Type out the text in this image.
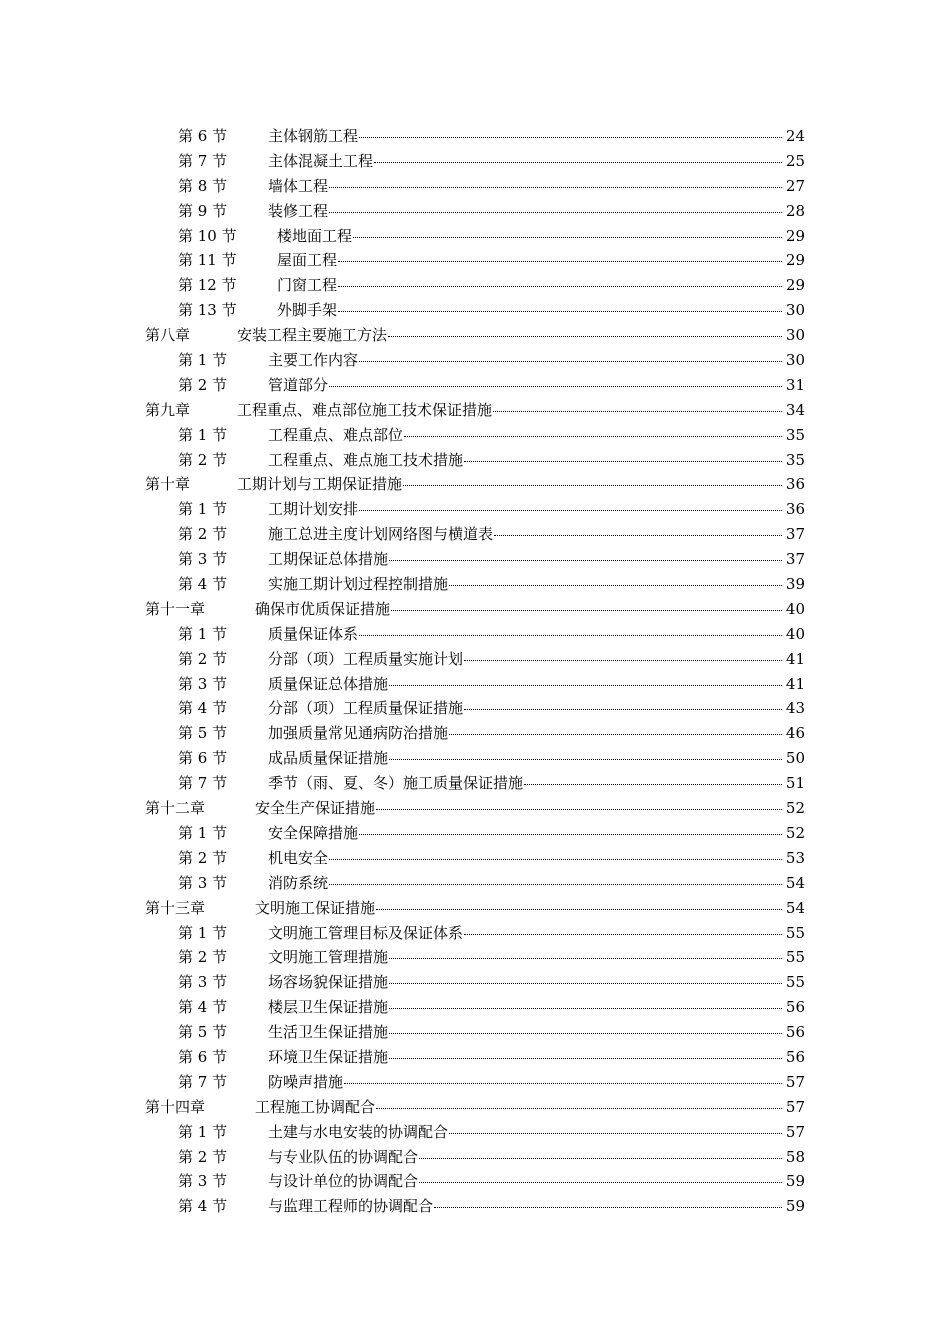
第 6 节	主体钢筋工程	24
第 7 节	主体混凝土工程	25
第 8 节	墙体工程	27
第 9 节	装修工程	28
第 10 节	楼地面工程	29
第 11 节	屋面工程	29
第 12 节	门窗工程	29
第 13 节	外脚手架	30
第八章	安装工程主要施工方法	30
第 1 节	主要工作内容	30
第 2 节	管道部分	31
第九章	工程重点、难点部位施工技术保证措施	34
第 1 节	工程重点、难点部位	35
第 2 节	工程重点、难点施工技术措施	35
第十章	工期计划与工期保证措施	36
第 1 节	工期计划安排	36
第 2 节	施工总进主度计划网络图与横道表	37
第 3 节	工期保证总体措施	37
第 4 节	实施工期计划过程控制措施	39
第十一章	确保市优质保证措施	40
第 1 节	质量保证体系	40
第 2 节	分部（项）工程质量实施计划	41
第 3 节	质量保证总体措施	41
第 4 节	分部（项）工程质量保证措施	43
第 5 节	加强质量常见通病防治措施	46
第 6 节	成品质量保证措施	50
第 7 节	季节（雨、夏、冬）施工质量保证措施	51
第十二章	安全生产保证措施	52
第 1 节	安全保障措施	52
第 2 节	机电安全	53
第 3 节	消防系统	54
第十三章	文明施工保证措施	54
第 1 节	文明施工管理目标及保证体系	55
第 2 节	文明施工管理措施	55
第 3 节	场容场貌保证措施	55
第 4 节	楼层卫生保证措施	56
第 5 节	生活卫生保证措施	56
第 6 节	环境卫生保证措施	56
第 7 节	防噪声措施	57
第十四章	工程施工协调配合	57
第 1 节	土建与水电安装的协调配合	57
第 2 节	与专业队伍的协调配合	58
第 3 节	与设计单位的协调配合	59
第 4 节	与监理工程师的协调配合	59
